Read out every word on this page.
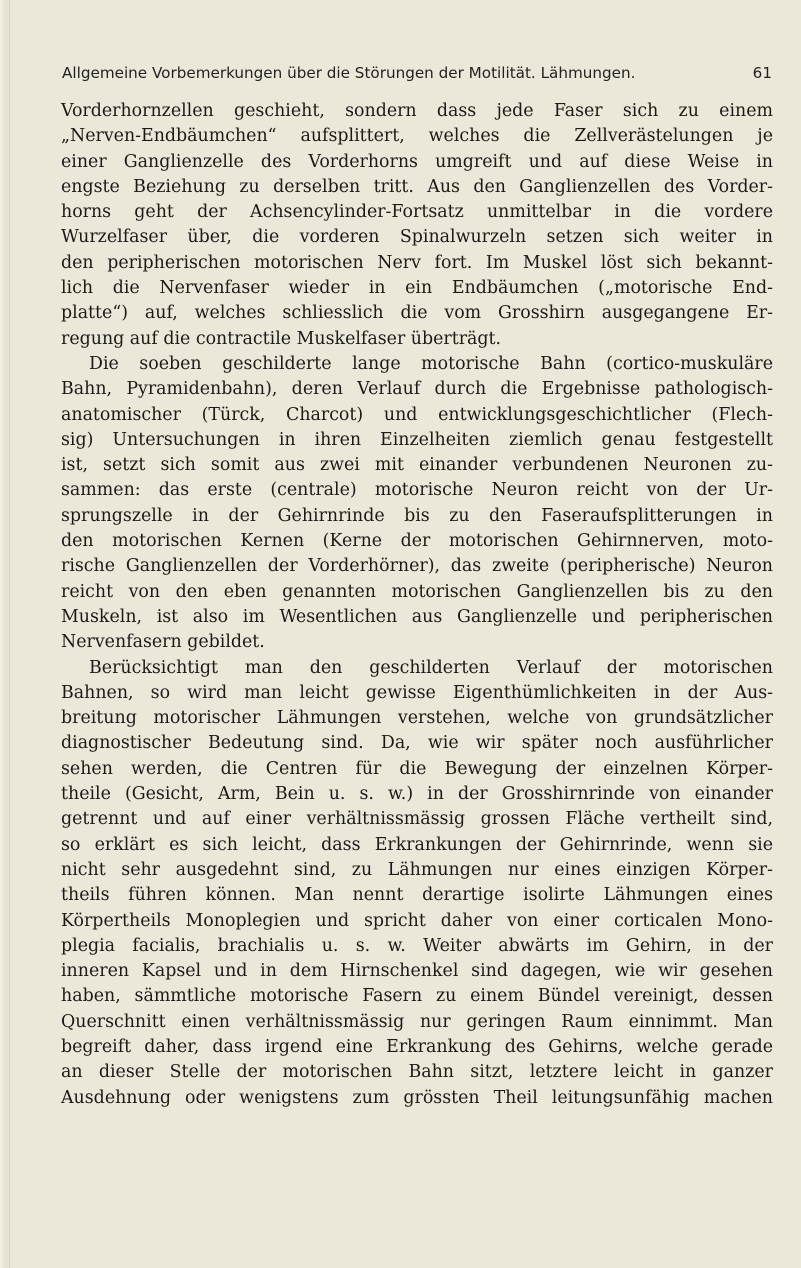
Allgemeine Vorbemerkungen über die Störungen der Motilität. Lähmungen.	61
Vorderhornzellen geschieht, sondern dass jede Faser sich zu einem
„Nerven-Endbäumchen“ aufsplittert, welches die Zellverästelungen je
einer Ganglienzelle des Vorderhorns umgreift und auf diese Weise in
engste Beziehung zu derselben tritt. Aus den Ganglienzellen des Vorder-
horns geht der Achsencylinder-Fortsatz unmittelbar in die vordere
Wurzelfaser über, die vorderen Spinalwurzeln setzen sich weiter in
den peripherischen motorischen Nerv fort. Im Muskel löst sich bekannt-
lich die Nervenfaser wieder in ein Endbäumchen („motorische End-
platte“) auf, welches schliesslich die vom Grosshirn ausgegangene Er-
regung auf die contractile Muskelfaser überträgt.
Die soeben geschilderte lange motorische Bahn (cortico-muskuläre
Bahn, Pyramidenbahn), deren Verlauf durch die Ergebnisse pathologisch-
anatomischer (Türck, Charcot) und entwicklungsgeschichtlicher (Flech-
sig) Untersuchungen in ihren Einzelheiten ziemlich genau festgestellt
ist, setzt sich somit aus zwei mit einander verbundenen Neuronen zu-
sammen: das erste (centrale) motorische Neuron reicht von der Ur-
sprungszelle in der Gehirnrinde bis zu den Faseraufsplitterungen in
den motorischen Kernen (Kerne der motorischen Gehirnnerven, moto-
rische Ganglienzellen der Vorderhörner), das zweite (peripherische) Neuron
reicht von den eben genannten motorischen Ganglienzellen bis zu den
Muskeln, ist also im Wesentlichen aus Ganglienzelle und peripherischen
Nervenfasern gebildet.
Berücksichtigt man den geschilderten Verlauf der motorischen
Bahnen, so wird man leicht gewisse Eigenthümlichkeiten in der Aus-
breitung motorischer Lähmungen verstehen, welche von grundsätzlicher
diagnostischer Bedeutung sind. Da, wie wir später noch ausführlicher
sehen werden, die Centren für die Bewegung der einzelnen Körper-
theile (Gesicht, Arm, Bein u. s. w.) in der Grosshirnrinde von einander
getrennt und auf einer verhältnissmässig grossen Fläche vertheilt sind,
so erklärt es sich leicht, dass Erkrankungen der Gehirnrinde, wenn sie
nicht sehr ausgedehnt sind, zu Lähmungen nur eines einzigen Körper-
theils führen können. Man nennt derartige isolirte Lähmungen eines
Körpertheils Monoplegien und spricht daher von einer corticalen Mono-
plegia facialis, brachialis u. s. w. Weiter abwärts im Gehirn, in der
inneren Kapsel und in dem Hirnschenkel sind dagegen, wie wir gesehen
haben, sämmtliche motorische Fasern zu einem Bündel vereinigt, dessen
Querschnitt einen verhältnissmässig nur geringen Raum einnimmt. Man
begreift daher, dass irgend eine Erkrankung des Gehirns, welche gerade
an dieser Stelle der motorischen Bahn sitzt, letztere leicht in ganzer
Ausdehnung oder wenigstens zum grössten Theil leitungsunfähig machen
